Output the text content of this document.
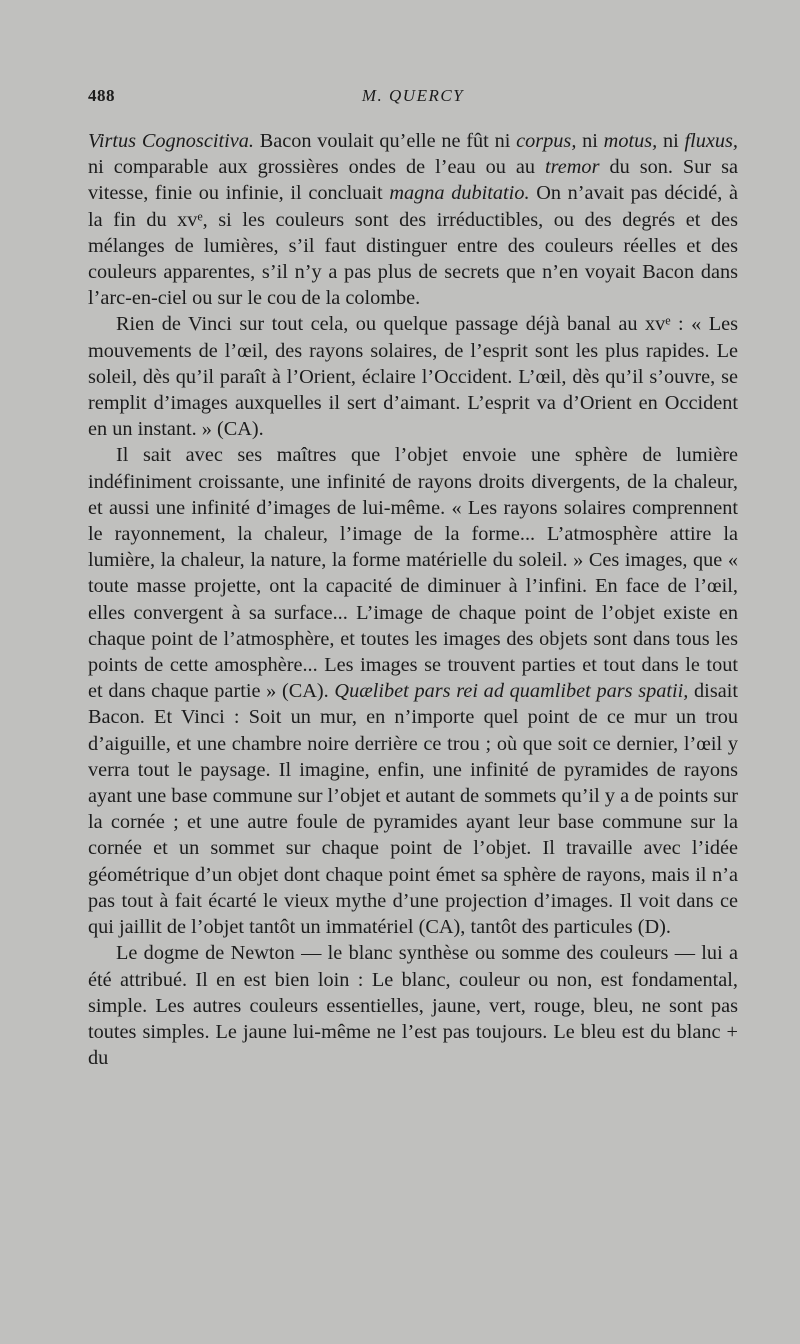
488	M. QUERCY

Virtus Cognoscitiva. Bacon voulait qu’elle ne fût ni corpus, ni motus, ni fluxus, ni comparable aux grossières ondes de l’eau ou au tremor du son. Sur sa vitesse, finie ou infinie, il concluait magna dubitatio. On n’avait pas décidé, à la fin du xvᵉ, si les couleurs sont des irréductibles, ou des degrés et des mélanges de lumières, s’il faut distinguer entre des couleurs réelles et des couleurs apparentes, s’il n’y a pas plus de secrets que n’en voyait Bacon dans l’arc-en-ciel ou sur le cou de la colombe.

Rien de Vinci sur tout cela, ou quelque passage déjà banal au xvᵉ : « Les mouvements de l’œil, des rayons solaires, de l’esprit sont les plus rapides. Le soleil, dès qu’il paraît à l’Orient, éclaire l’Occident. L’œil, dès qu’il s’ouvre, se remplit d’images auxquelles il sert d’aimant. L’esprit va d’Orient en Occident en un instant. » (CA).

Il sait avec ses maîtres que l’objet envoie une sphère de lumière indéfiniment croissante, une infinité de rayons droits divergents, de la chaleur, et aussi une infinité d’images de lui-même. « Les rayons solaires comprennent le rayonnement, la chaleur, l’image de la forme... L’atmosphère attire la lumière, la chaleur, la nature, la forme matérielle du soleil. » Ces images, que « toute masse projette, ont la capacité de diminuer à l’infini. En face de l’œil, elles convergent à sa surface... L’image de chaque point de l’objet existe en chaque point de l’atmosphère, et toutes les images des objets sont dans tous les points de cette amosphère... Les images se trouvent parties et tout dans le tout et dans chaque partie » (CA). Quælibet pars rei ad quamlibet pars spatii, disait Bacon. Et Vinci : Soit un mur, en n’importe quel point de ce mur un trou d’aiguille, et une chambre noire derrière ce trou ; où que soit ce dernier, l’œil y verra tout le paysage. Il imagine, enfin, une infinité de pyramides de rayons ayant une base commune sur l’objet et autant de sommets qu’il y a de points sur la cornée ; et une autre foule de pyramides ayant leur base commune sur la cornée et un sommet sur chaque point de l’objet. Il travaille avec l’idée géométrique d’un objet dont chaque point émet sa sphère de rayons, mais il n’a pas tout à fait écarté le vieux mythe d’une projection d’images. Il voit dans ce qui jaillit de l’objet tantôt un immatériel (CA), tantôt des particules (D).

Le dogme de Newton — le blanc synthèse ou somme des couleurs — lui a été attribué. Il en est bien loin : Le blanc, couleur ou non, est fondamental, simple. Les autres couleurs essentielles, jaune, vert, rouge, bleu, ne sont pas toutes simples. Le jaune lui-même ne l’est pas toujours. Le bleu est du blanc + du
